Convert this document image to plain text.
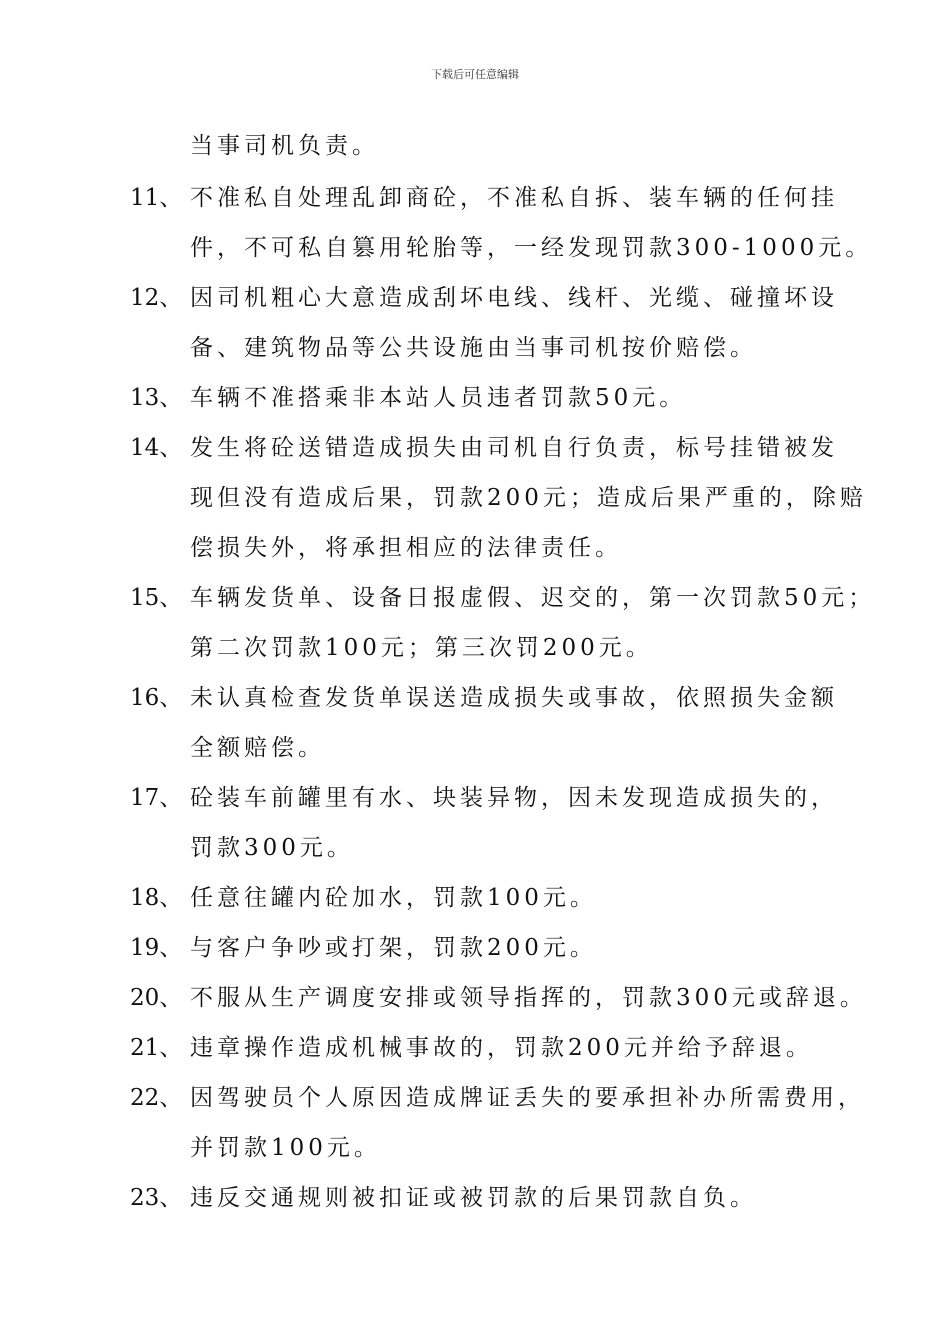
下载后可任意编辑
当事司机负责。
11、 不准私自处理乱卸商砼，不准私自拆、装车辆的任何挂
件，不可私自篡用轮胎等，一经发现罚款300-1000元。
12、 因司机粗心大意造成刮坏电线、线杆、光缆、碰撞坏设
备、建筑物品等公共设施由当事司机按价赔偿。
13、 车辆不准搭乘非本站人员违者罚款50元。
14、 发生将砼送错造成损失由司机自行负责，标号挂错被发
现但没有造成后果，罚款200元；造成后果严重的，除赔
偿损失外，将承担相应的法律责任。
15、 车辆发货单、设备日报虚假、迟交的，第一次罚款50元；
第二次罚款100元；第三次罚200元。
16、 未认真检查发货单误送造成损失或事故，依照损失金额
全额赔偿。
17、 砼装车前罐里有水、块装异物，因未发现造成损失的，
罚款300元。
18、 任意往罐内砼加水，罚款100元。
19、 与客户争吵或打架，罚款200元。
20、 不服从生产调度安排或领导指挥的，罚款300元或辞退。
21、 违章操作造成机械事故的，罚款200元并给予辞退。
22、 因驾驶员个人原因造成牌证丢失的要承担补办所需费用，
并罚款100元。
23、 违反交通规则被扣证或被罚款的后果罚款自负。
